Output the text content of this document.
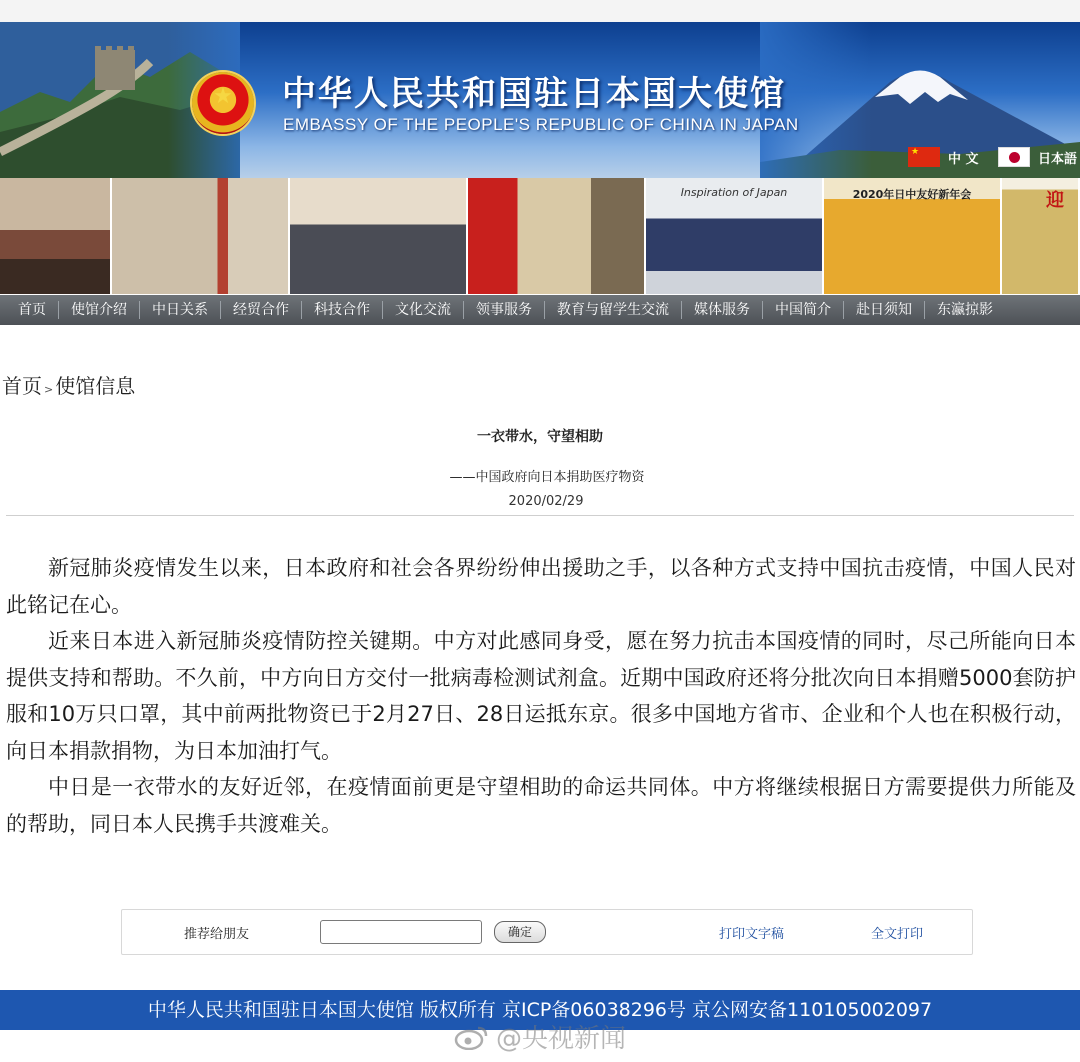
★	中华人民共和国驻日本国大使馆
EMBASSY OF THE PEOPLE'S REPUBLIC OF CHINA IN JAPAN
★
中 文	日本語
Inspiration of Japan	2020年日中友好新年会	迎
首页	使馆介绍	中日关系	经贸合作	科技合作	文化交流	领事服务	教育与留学生交流	媒体服务	中国简介	赴日须知	东瀛掠影
首页 > 使馆信息
一衣带水，守望相助
——中国政府向日本捐助医疗物资
2020/02/29

新冠肺炎疫情发生以来，日本政府和社会各界纷纷伸出援助之手，以各种方式支持中国抗击疫情，中国人民对此铭记在心。

近来日本进入新冠肺炎疫情防控关键期。中方对此感同身受，愿在努力抗击本国疫情的同时，尽己所能向日本提供支持和帮助。不久前，中方向日方交付一批病毒检测试剂盒。近期中国政府还将分批次向日本捐赠5000套防护服和10万只口罩，其中前两批物资已于2月27日、28日运抵东京。很多中国地方省市、企业和个人也在积极行动，向日本捐款捐物，为日本加油打气。

中日是一衣带水的友好近邻，在疫情面前更是守望相助的命运共同体。中方将继续根据日方需要提供力所能及的帮助，同日本人民携手共渡难关。

推荐给朋友	确定	打印文字稿	全文打印
中华人民共和国驻日本国大使馆 版权所有 京ICP备06038296号 京公网安备110105002097
@央视新闻
